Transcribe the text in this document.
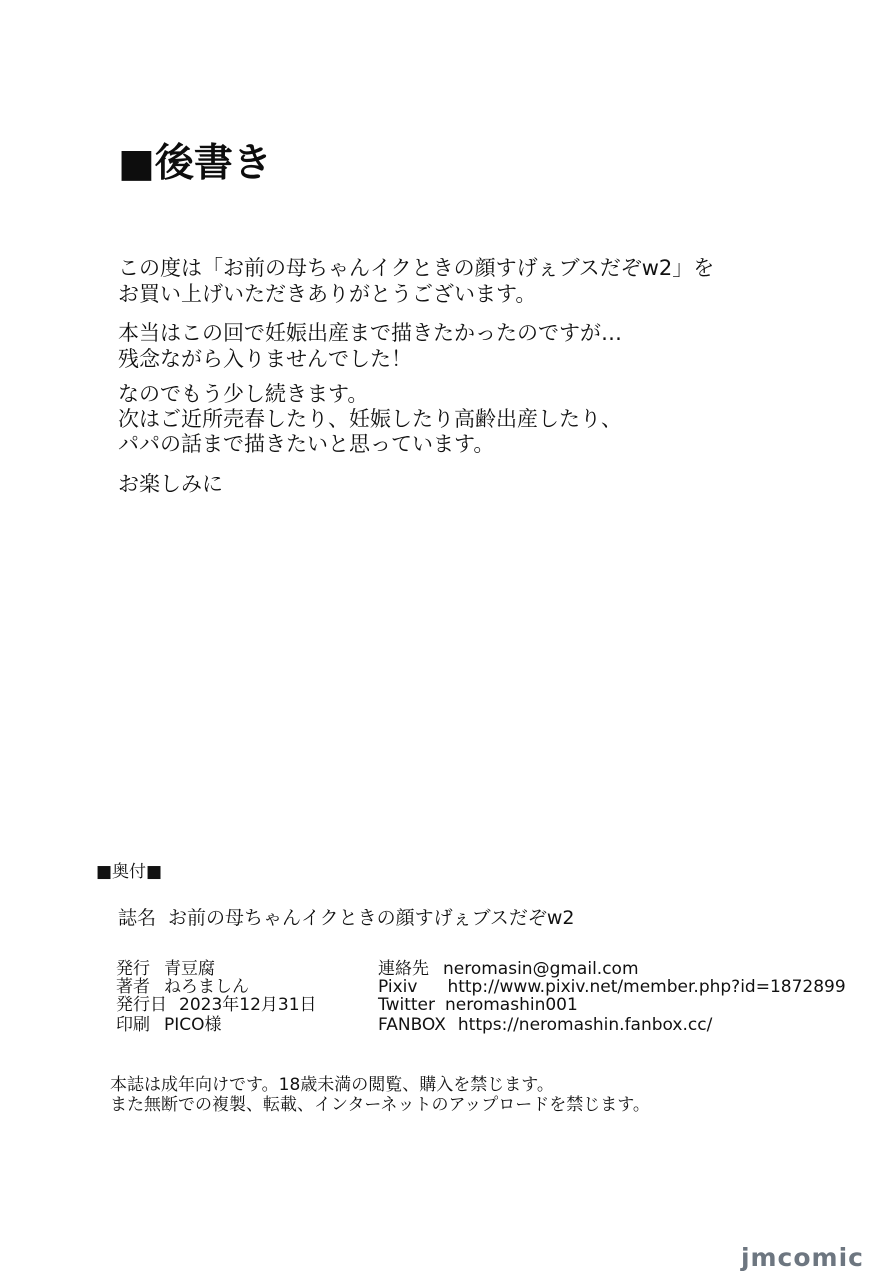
■後書き
この度は「お前の母ちゃんイクときの顔すげぇブスだぞw2」を
お買い上げいただきありがとうございます。
本当はこの回で妊娠出産まで描きたかったのですが…
残念ながら入りませんでした！
なのでもう少し続きます。
次はご近所売春したり、妊娠したり高齢出産したり、
パパの話まで描きたいと思っています。
お楽しみに
■奥付■
誌名 お前の母ちゃんイクときの顔すげぇブスだぞw2
発行 青豆腐
著者 ねろましん
発行日 2023年12月31日
印刷 PICO様
連絡先 neromasin@gmail.com
Pixiv http://www.pixiv.net/member.php?id=1872899
Twitter neromashin001
FANBOX https://neromashin.fanbox.cc/
本誌は成年向けです。18歳未満の閲覧、購入を禁じます。
また無断での複製、転載、インターネットのアップロードを禁じます。
jmcomic
